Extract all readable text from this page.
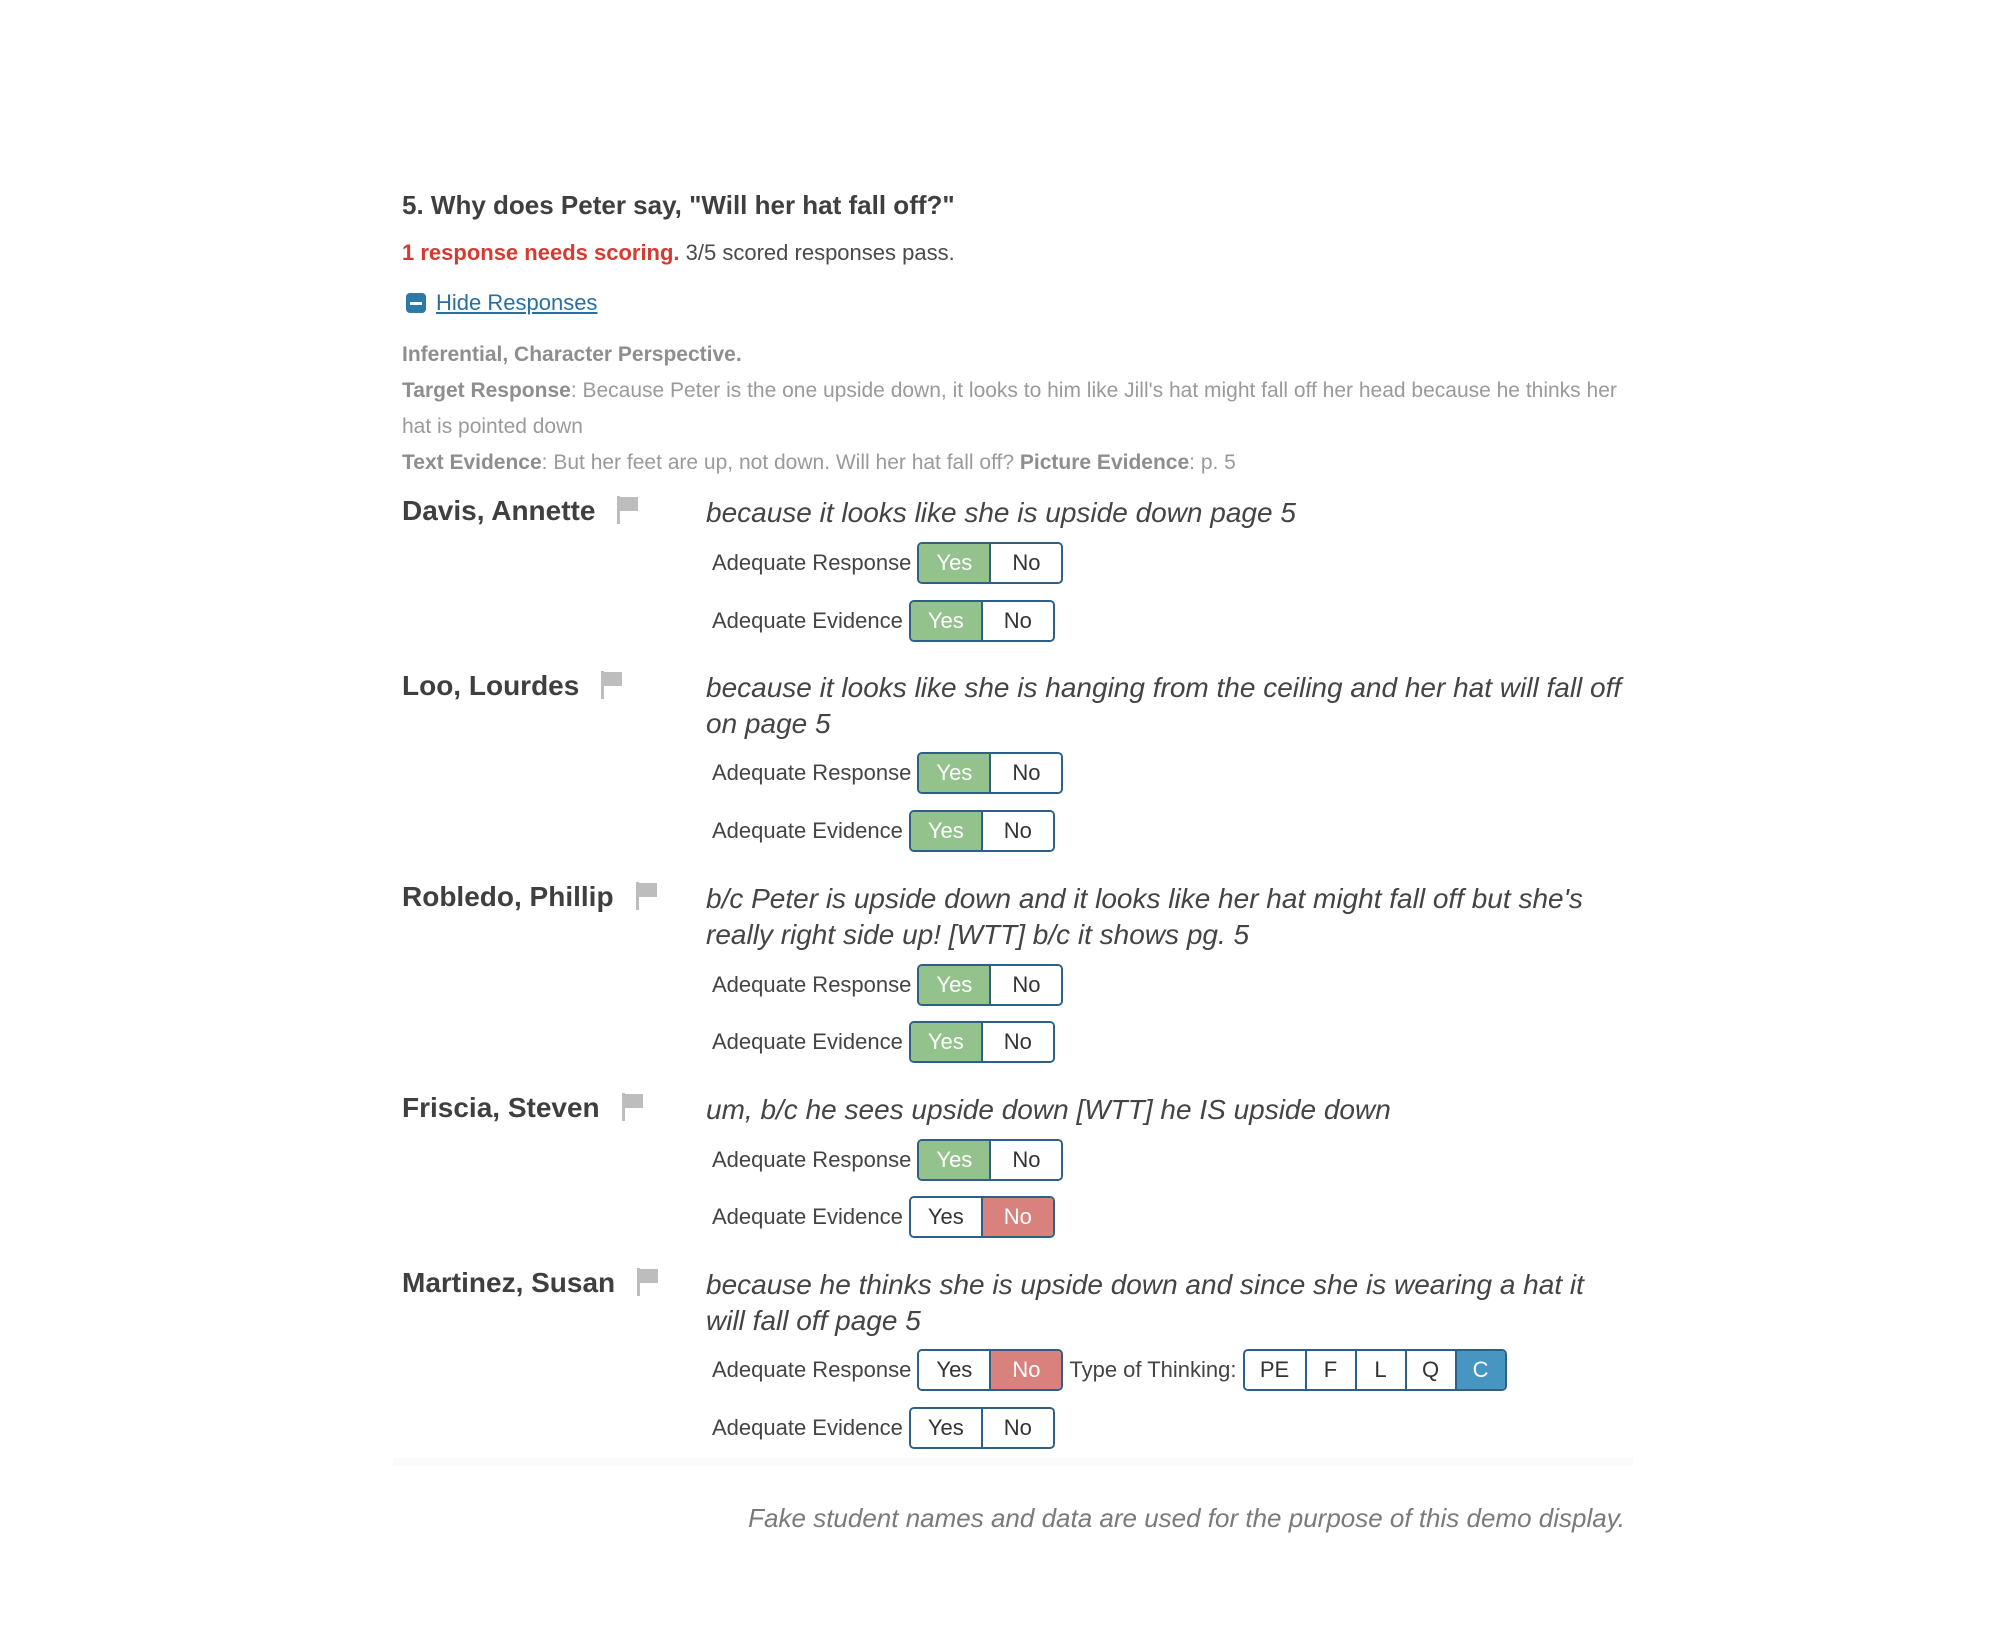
5. Why does Peter say, "Will her hat fall off?"
1 response needs scoring. 3/5 scored responses pass.
Hide Responses
Inferential, Character Perspective.
Target Response: Because Peter is the one upside down, it looks to him like Jill's hat might fall off her head because he thinks her hat is pointed down
Text Evidence: But her feet are up, not down. Will her hat fall off? Picture Evidence: p. 5
Davis, Annette	because it looks like she is upside down page 5
Adequate Response	Yes	No
Adequate Evidence	Yes	No
Loo, Lourdes	because it looks like she is hanging from the ceiling and her hat will fall off on page 5
Adequate Response	Yes	No
Adequate Evidence	Yes	No
Robledo, Phillip	b/c Peter is upside down and it looks like her hat might fall off but she's really right side up! [WTT] b/c it shows pg. 5
Adequate Response	Yes	No
Adequate Evidence	Yes	No
Friscia, Steven	um, b/c he sees upside down [WTT] he IS upside down
Adequate Response	Yes	No
Adequate Evidence	Yes	No
Martinez, Susan	because he thinks she is upside down and since she is wearing a hat it will fall off page 5
Adequate Response	Yes	No	Type of Thinking:	PE	F	L	Q	C
Adequate Evidence	Yes	No
Fake student names and data are used for the purpose of this demo display.
